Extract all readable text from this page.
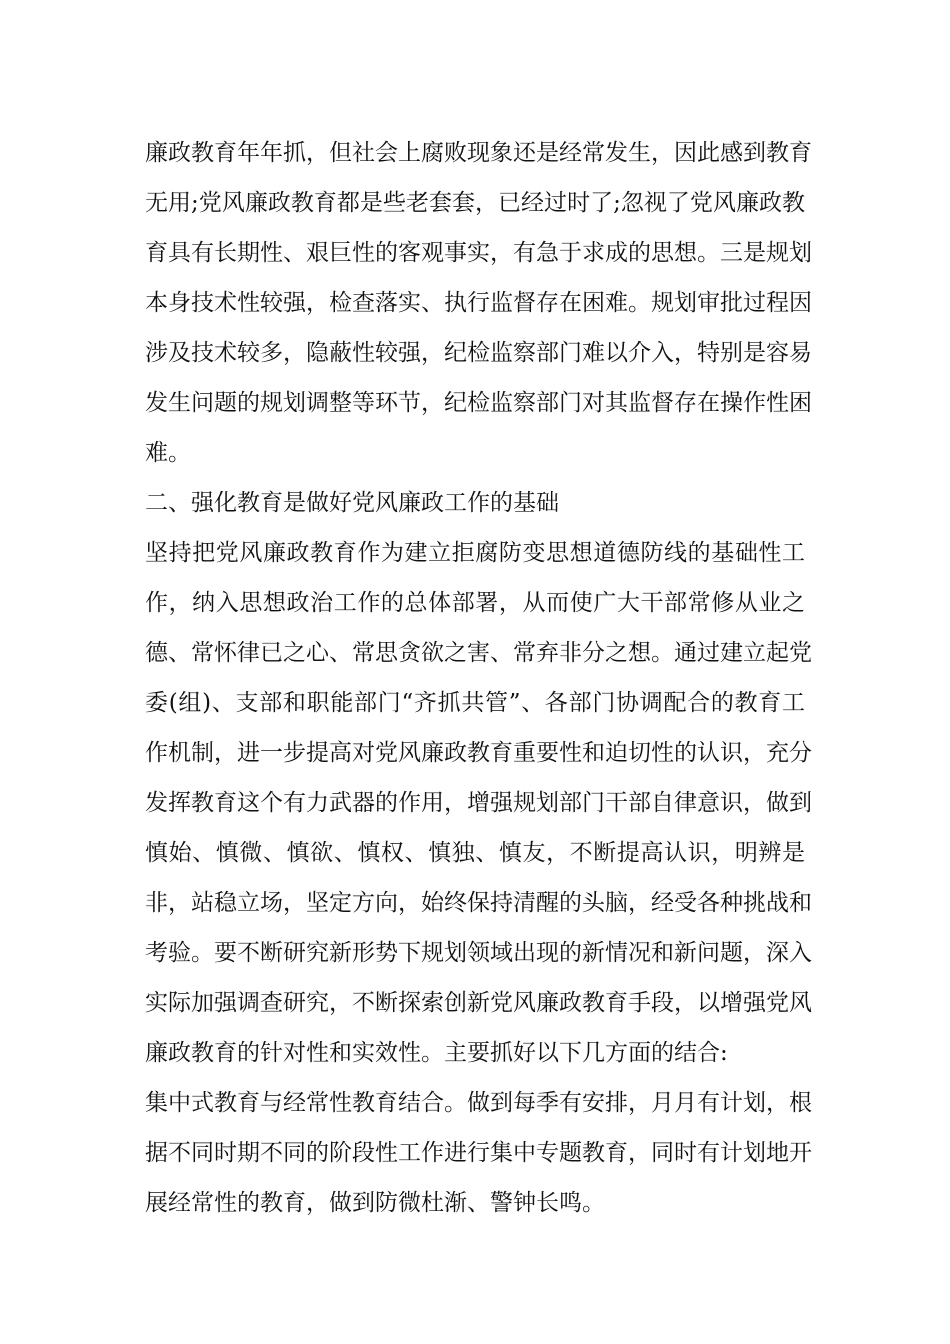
廉政教育年年抓，但社会上腐败现象还是经常发生，因此感到教育

无用;党风廉政教育都是些老套套，已经过时了;忽视了党风廉政教

育具有长期性、艰巨性的客观事实，有急于求成的思想。三是规划

本身技术性较强，检查落实、执行监督存在困难。规划审批过程因

涉及技术较多，隐蔽性较强，纪检监察部门难以介入，特别是容易

发生问题的规划调整等环节，纪检监察部门对其监督存在操作性困

难。

二、强化教育是做好党风廉政工作的基础

坚持把党风廉政教育作为建立拒腐防变思想道德防线的基础性工

作，纳入思想政治工作的总体部署，从而使广大干部常修从业之

德、常怀律已之心、常思贪欲之害、常弃非分之想。通过建立起党

委(组)、支部和职能部门“齐抓共管”、各部门协调配合的教育工

作机制，进一步提高对党风廉政教育重要性和迫切性的认识，充分

发挥教育这个有力武器的作用，增强规划部门干部自律意识，做到

慎始、慎微、慎欲、慎权、慎独、慎友，不断提高认识，明辨是

非，站稳立场，坚定方向，始终保持清醒的头脑，经受各种挑战和

考验。要不断研究新形势下规划领域出现的新情况和新问题，深入

实际加强调查研究，不断探索创新党风廉政教育手段，以增强党风

廉政教育的针对性和实效性。主要抓好以下几方面的结合:

集中式教育与经常性教育结合。做到每季有安排，月月有计划，根

据不同时期不同的阶段性工作进行集中专题教育，同时有计划地开

展经常性的教育，做到防微杜渐、警钟长鸣。
